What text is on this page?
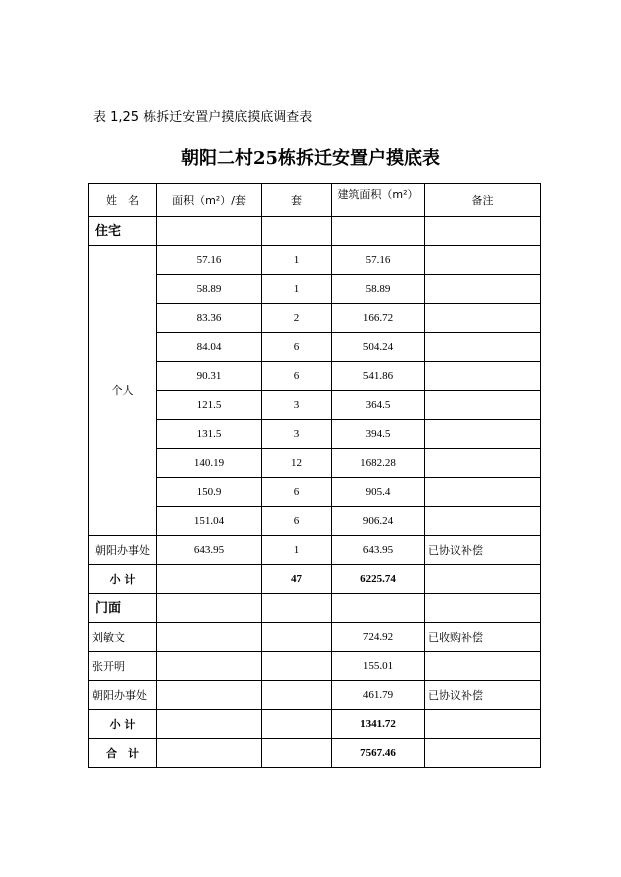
表 1,25 栋拆迁安置户摸底摸底调查表
朝阳二村25栋拆迁安置户摸底表
姓　名	面积（m²）/套	套	建筑面积（m²）	备注
住宅				
个人	57.16	1	57.16	
	58.89	1	58.89	
	83.36	2	166.72	
	84.04	6	504.24	
	90.31	6	541.86	
	121.5	3	364.5	
	131.5	3	394.5	
	140.19	12	1682.28	
	150.9	6	905.4	
	151.04	6	906.24	
朝阳办事处	643.95	1	643.95	已协议补偿
小 计		47	6225.74	
门面				
刘敏文			724.92	已收购补偿
张开明			155.01	
朝阳办事处			461.79	已协议补偿
小 计			1341.72	
合　计			7567.46	
